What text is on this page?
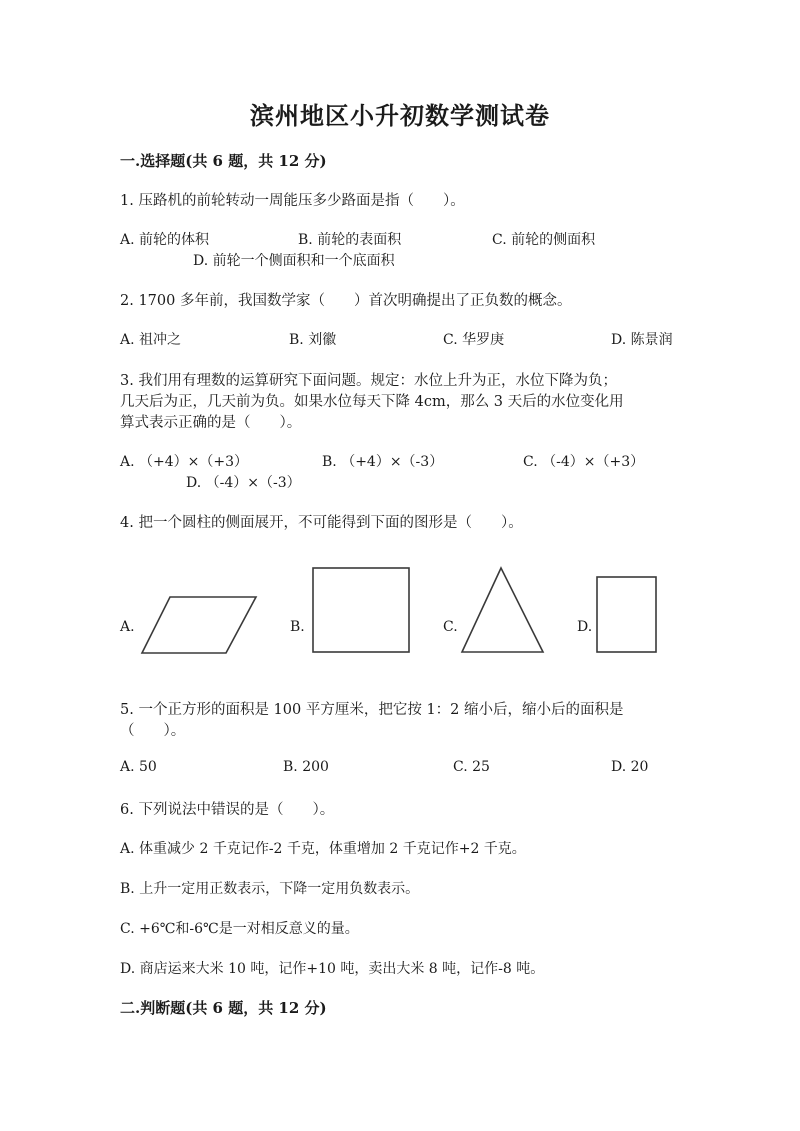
滨州地区小升初数学测试卷
一.选择题(共 6 题，共 12 分)
1. 压路机的前轮转动一周能压多少路面是指（　　）。
A. 前轮的体积	B. 前轮的表面积	C. 前轮的侧面积
D. 前轮一个侧面积和一个底面积
2. 1700 多年前，我国数学家（　　）首次明确提出了正负数的概念。
A. 祖冲之	B. 刘徽	C. 华罗庚	D. 陈景润
3. 我们用有理数的运算研究下面问题。规定：水位上升为正，水位下降为负；
几天后为正，几天前为负。如果水位每天下降 4cm，那么 3 天后的水位变化用
算式表示正确的是（　　）。
A. （+4）×（+3）	B. （+4）×（-3）	C. （-4）×（+3）
D. （-4）×（-3）
4. 把一个圆柱的侧面展开，不可能得到下面的图形是（　　）。
A.	B.	C.	D.
5. 一个正方形的面积是 100 平方厘米，把它按 1：2 缩小后，缩小后的面积是
（　　）。
A. 50	B. 200	C. 25	D. 20
6. 下列说法中错误的是（　　）。
A. 体重减少 2 千克记作-2 千克，体重增加 2 千克记作+2 千克。
B. 上升一定用正数表示，下降一定用负数表示。
C. +6℃和-6℃是一对相反意义的量。
D. 商店运来大米 10 吨，记作+10 吨，卖出大米 8 吨，记作-8 吨。
二.判断题(共 6 题，共 12 分)
